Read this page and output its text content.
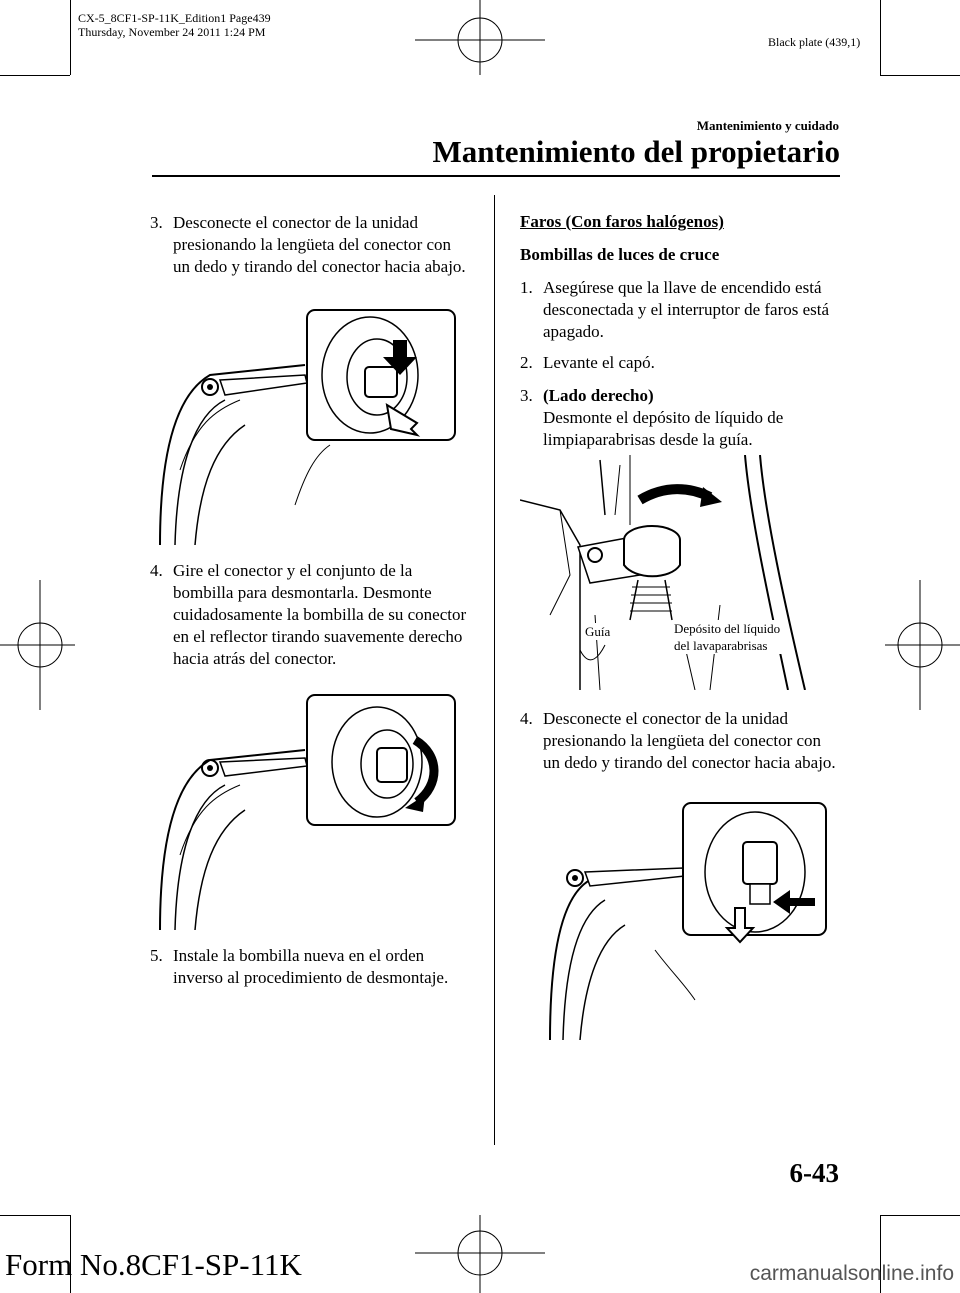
CX-5_8CF1-SP-11K_Edition1 Page439
Thursday, November 24 2011 1:24 PM
Black plate (439,1)
Mantenimiento y cuidado
Mantenimiento del propietario
3. Desconecte el conector de la unidad presionando la lengüeta del conector con un dedo y tirando del conector hacia abajo.
4. Gire el conector y el conjunto de la bombilla para desmontarla. Desmonte cuidadosamente la bombilla de su conector en el reflector tirando suavemente derecho hacia atrás del conector.
5. Instale la bombilla nueva en el orden inverso al procedimiento de desmontaje.
Faros (Con faros halógenos)
Bombillas de luces de cruce
1. Asegúrese que la llave de encendido está desconectada y el interruptor de faros está apagado.
2. Levante el capó.
3. (Lado derecho)
Desmonte el depósito de líquido de limpiaparabrisas desde la guía.
Guía	Depósito del líquido
del lavaparabrisas
4. Desconecte el conector de la unidad presionando la lengüeta del conector con un dedo y tirando del conector hacia abajo.
6-43
Form No.8CF1-SP-11K	carmanualsonline.info
